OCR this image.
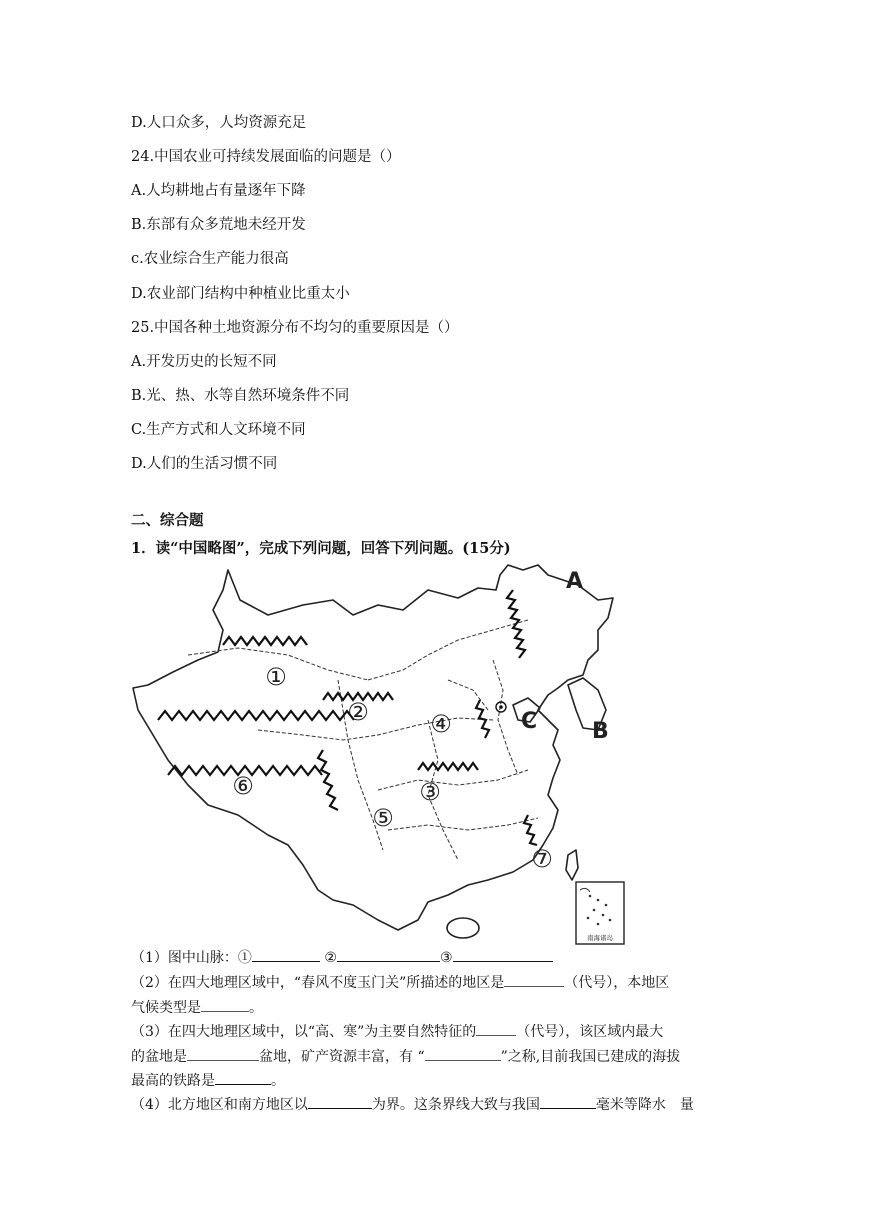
D.人口众多，人均资源充足
24.中国农业可持续发展面临的问题是（）
A.人均耕地占有量逐年下降
B.东部有众多荒地未经开发
c.农业综合生产能力很高
D.农业部门结构中种植业比重太小
25.中国各种土地资源分布不均匀的重要原因是（）
A.开发历史的长短不同
B.光、热、水等自然环境条件不同
C.生产方式和人文环境不同
D.人们的生活习惯不同
二、综合题
1．读“中国略图”，完成下列问题，回答下列问题。(15分)
A
B
C
①
②
③
④
⑤
⑥
⑦
南海诸岛
（1）图中山脉：①	②	③
（2）在四大地理区域中，“春风不度玉门关”所描述的地区是	（代号），本地区
气候类型是	。
（3）在四大地理区域中，以“高、寒”为主要自然特征的	（代号），该区域内最大
的盆地是	盆地，矿产资源丰富，有 “	”之称,目前我国已建成的海拔
最高的铁路是	。
（4）北方地区和南方地区以	为界。这条界线大致与我国	毫米等降水　量
